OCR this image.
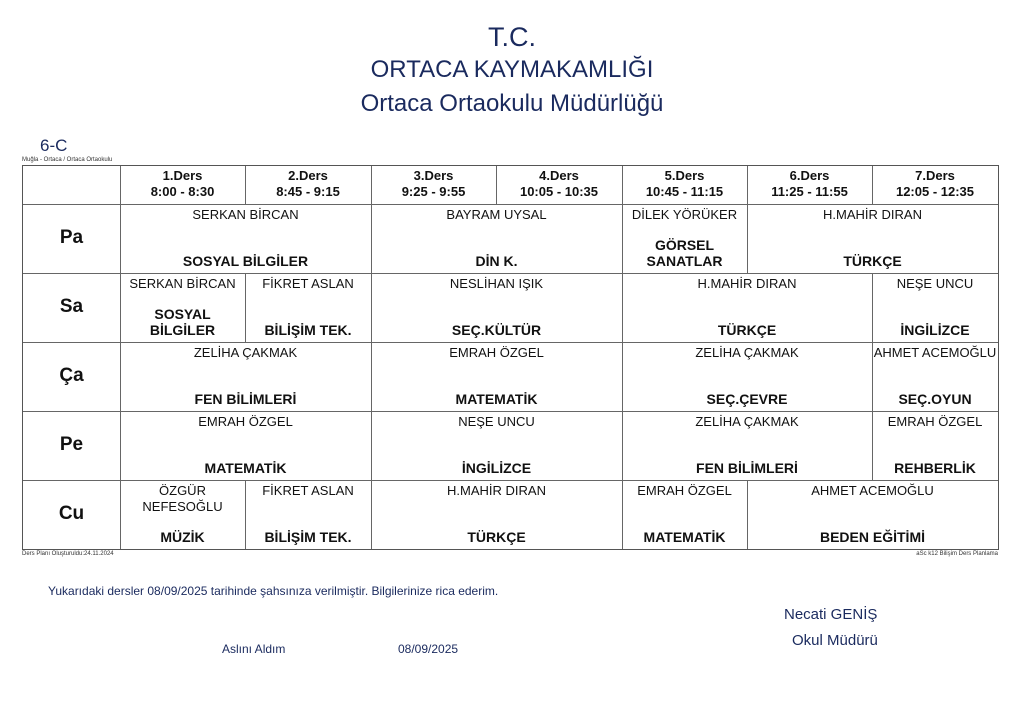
T.C.
ORTACA KAYMAKAMLIĞI
Ortaca Ortaokulu Müdürlüğü
6-C
Muğla - Ortaca / Ortaca Ortaokulu
1.Ders
8:00 - 8:30
2.Ders
8:45 - 9:15
3.Ders
9:25 - 9:55
4.Ders
10:05 - 10:35
5.Ders
10:45 - 11:15
6.Ders
11:25 - 11:55
7.Ders
12:05 - 12:35
Pa
SERKAN BİRCAN
SOSYAL BİLGİLER
BAYRAM UYSAL
DİN K.
DİLEK YÖRÜKER
GÖRSEL SANATLAR
H.MAHİR DIRAN
TÜRKÇE
Sa
SERKAN BİRCAN
SOSYAL BİLGİLER
FİKRET ASLAN
BİLİŞİM TEK.
NESLİHAN IŞIK
SEÇ.KÜLTÜR
H.MAHİR DIRAN
TÜRKÇE
NEŞE UNCU
İNGİLİZCE
Ça
ZELİHA ÇAKMAK
FEN BİLİMLERİ
EMRAH ÖZGEL
MATEMATİK
ZELİHA ÇAKMAK
SEÇ.ÇEVRE
AHMET ACEMOĞLU
SEÇ.OYUN
Pe
EMRAH ÖZGEL
MATEMATİK
NEŞE UNCU
İNGİLİZCE
ZELİHA ÇAKMAK
FEN BİLİMLERİ
EMRAH ÖZGEL
REHBERLİK
Cu
ÖZGÜR NEFESOĞLU
MÜZİK
FİKRET ASLAN
BİLİŞİM TEK.
H.MAHİR DIRAN
TÜRKÇE
EMRAH ÖZGEL
MATEMATİK
AHMET ACEMOĞLU
BEDEN EĞİTİMİ
Ders Planı Oluşturuldu:24.11.2024	aSc k12 Bilişim Ders Planlama
Yukarıdaki dersler 08/09/2025 tarihinde şahsınıza verilmiştir. Bilgilerinize rica ederim.
Necati GENİŞ
Okul Müdürü
Aslını Aldım	08/09/2025
